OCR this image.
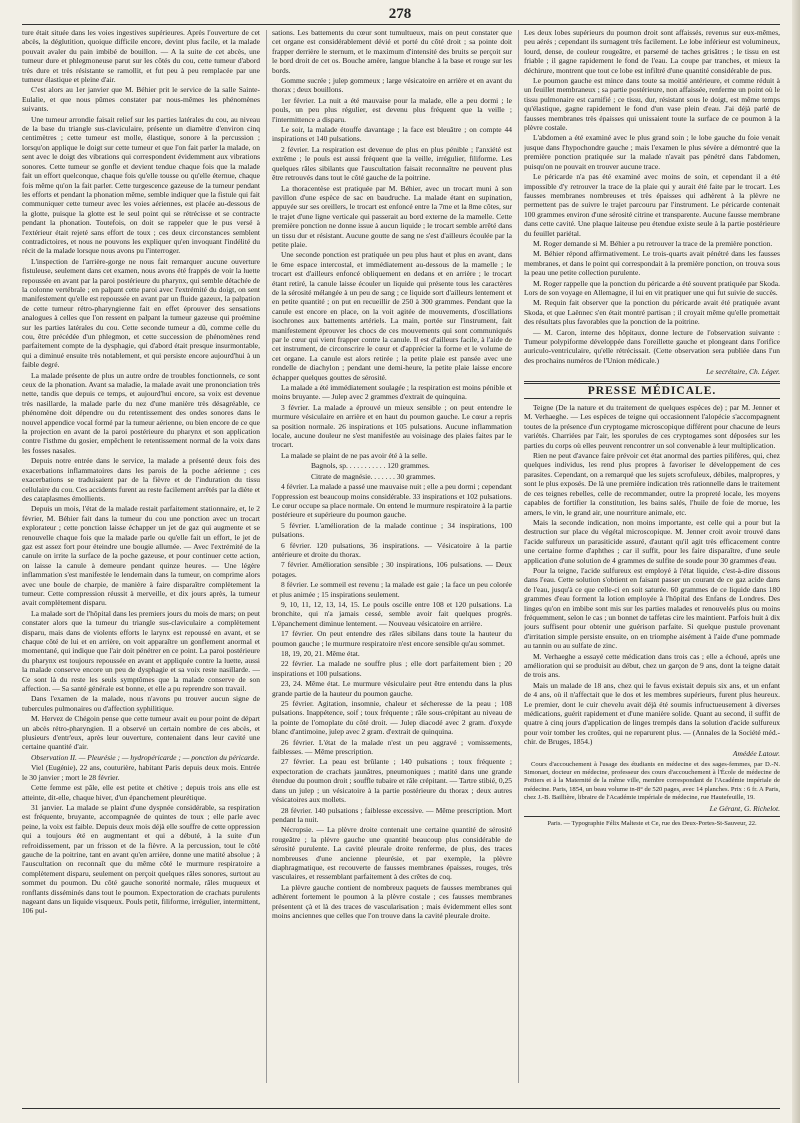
278

ture était située dans les voies ingestives supérieures. Après l'ouverture de cet abcès, la déglutition, quoique difficile encore, devint plus facile, et la malade pouvait avaler du pain imbibé de bouillon. — A la suite de cet abcès, une tumeur dure et phlegmoneuse parut sur les côtés du cou, cette tumeur d'abord très dure et très résistante se ramollit, et fut peu à peu remplacée par une tumeur élastique et pleine d'air.

C'est alors au 1er janvier que M. Béhier prit le service de la salle Sainte-Eulalie, et que nous pûmes constater par nous-mêmes les phénomènes suivants.

Une tumeur arrondie faisait relief sur les parties latérales du cou, au niveau de la base du triangle sus-claviculaire, présente un diamètre d'environ cinq centimètres ; cette tumeur est molle, élastique, sonore à la percussion ; lorsqu'on applique le doigt sur cette tumeur et que l'on fait parler la malade, on sent avec le doigt des vibrations qui correspondent évidemment aux vibrations sonores. Cette tumeur se gonfle et devient tendue chaque fois que la malade fait un effort quelconque, chaque fois qu'elle tousse ou qu'elle éternue, chaque fois même qu'on la fait parler. Cette turgescence gazeuse de la tumeur pendant les efforts et pendant la phonation même, semble indiquer que la fistule qui fait communiquer cette tumeur avec les voies aériennes, est placée au-dessous de la glotte, puisque la glotte est le seul point qui se rétrécisse et se contracte pendant la phonation. Toutefois, on doit se rappeler que le pus versé à l'extérieur était rejeté sans effort de toux ; ces deux circonstances semblent contradictoires, et nous ne pouvons les expliquer qu'en invoquant l'indélité du récit de la malade lorsque nous avons pu l'interroger.

L'inspection de l'arrière-gorge ne nous fait remarquer aucune ouverture fistuleuse, seulement dans cet examen, nous avons été frappés de voir la luette repoussée en avant par la paroi postérieure du pharynx, qui semble détachée de la colonne vertébrale ; en palpant cette paroi avec l'extrémité du doigt, on sent manifestement qu'elle est repoussée en avant par un fluide gazeux, la palpation de cette tumeur rétro-pharyngienne fait en effet éprouver des sensations analogues à celles que l'on ressent en palpant la tumeur gazeuse qui proémine sur les parties latérales du cou. Cette seconde tumeur a dû, comme celle du cou, être précédée d'un phlegmon, et cette succession de phénomènes rend parfaitement compte de la dysphagie, qui d'abord était presque insurmontable, qui a diminué ensuite très notablement, et qui persiste encore aujourd'hui à un faible degré.

La malade présente de plus un autre ordre de troubles fonctionnels, ce sont ceux de la phonation. Avant sa maladie, la malade avait une prononciation très nette, tandis que depuis ce temps, et aujourd'hui encore, sa voix est devenue très nasillarde, la malade parle du nez d'une manière très désagréable, ce phénomène doit dépendre ou du retentissement des ondes sonores dans le nouvel appendice vocal formé par la tumeur aérienne, ou bien encore de ce que la projection en avant de la paroi postérieure du pharynx et son application contre l'isthme du gosier, empêchent le retentissement normal de la voix dans les fosses nasales.

Depuis notre entrée dans le service, la malade a présenté deux fois des exacerbations inflammatoires dans les parois de la poche aérienne ; ces exacerbations se traduisaient par de la fièvre et de l'induration du tissu cellulaire du cou. Ces accidents furent au reste facilement arrêtés par la diète et des cataplasmes émollients.

Depuis un mois, l'état de la malade restait parfaitement stationnaire, et, le 2 février, M. Béhier fait dans la tumeur du cou une ponction avec un trocart explorateur ; cette ponction laisse échapper un jet de gaz qui augmente et se renouvelle chaque fois que la malade parle ou qu'elle fait un effort, le jet de gaz est assez fort pour éteindre une bougie allumée. — Avec l'extrémité de la canule on irrite la surface de la poche gazeuse, et pour continuer cette action, on laisse la canule à demeure pendant quinze heures. — Une légère inflammation s'est manifestée le lendemain dans la tumeur, on comprime alors avec une boule de charpie, de manière à faire disparaître complètement la tumeur. Cette compression réussit à merveille, et dix jours après, la tumeur avait complètement disparu.

La malade sort de l'hôpital dans les premiers jours du mois de mars; on peut constater alors que la tumeur du triangle sus-claviculaire a complètement disparu, mais dans de violents efforts le larynx est repoussé en avant, et se chaque côté de lui et en arrière, on voit apparaître un gonflement anormal et momentané, qui indique que l'air doit pénétrer en ce point. La paroi postérieure du pharynx est toujours repoussée en avant et appliquée contre la luette, aussi la malade conserve encore un peu de dysphagie et sa voix reste nasillarde. — Ce sont là du reste les seuls symptômes que la malade conserve de son affection. — Sa santé générale est bonne, et elle a pu reprendre son travail.

Dans l'examen de la malade, nous n'avons pu trouver aucun signe de tubercules pulmonaires ou d'affection syphilitique.

M. Hervez de Chégoin pense que cette tumeur avait eu pour point de départ un abcès rétro-pharyngien. Il a observé un certain nombre de ces abcès, et plusieurs d'entr'eux, après leur ouverture, contenaient dans leur cavité une certaine quantité d'air.

Observation II. — Pleurésie ; — hydropéricarde ; — ponction du péricarde.

Viel (Eugénie), 22 ans, couturière, habitant Paris depuis deux mois. Entrée le 30 janvier ; mort le 28 février.

Cette femme est pâle, elle est petite et chétive ; depuis trois ans elle est atteinte, dit-elle, chaque hiver, d'un épanchement pleurétique.

31 janvier. La malade se plaint d'une dyspnée considérable, sa respiration est fréquente, bruyante, accompagnée de quintes de toux ; elle parle avec peine, la voix est faible. Depuis deux mois déjà elle souffre de cette oppression qui a toujours été en augmentant et qui a débuté, à la suite d'un refroidissement, par un frisson et de la fièvre. A la percussion, tout le côté gauche de la poitrine, tant en avant qu'en arrière, donne une matité absolue ; à l'auscultation on reconnaît que du même côté le murmure respiratoire a complètement disparu, seulement on perçoit quelques râles sonores, surtout au sommet du poumon. Du côté gauche sonorité normale, râles muqueux et ronflants disséminés dans tout le poumon. Expectoration de crachats purulents nageant dans un liquide visqueux. Pouls petit, filiforme, irrégulier, intermittent, 106 pul-

sations. Les battements du cœur sont tumultueux, mais on peut constater que cet organe est considérablement dévié et porté du côté droit ; sa pointe doit frapper derrière le sternum, et le maximum d'intensité des bruits se perçoit sur le bord droit de cet os. Bouche amère, langue blanche à la base et rouge sur les bords.

Gomme sucrée ; julep gommeux ; large vésicatoire en arrière et en avant du thorax ; deux bouillons.

1er février. La nuit a été mauvaise pour la malade, elle a peu dormi ; le pouls, un peu plus régulier, est devenu plus fréquent que la veille ; l'intermittence a disparu.

Le soir, la malade étouffe davantage ; la face est bleuâtre ; on compte 44 inspirations et 140 pulsations.

2 février. La respiration est devenue de plus en plus pénible ; l'anxiété est extrême ; le pouls est aussi fréquent que la veille, irrégulier, filiforme. Les quelques râles sibilants que l'auscultation faisait reconnaître ne peuvent plus être retrouvés dans tout le côté gauche de la poitrine.

La thoracentèse est pratiquée par M. Béhier, avec un trocart muni à son pavillon d'une espèce de sac en baudruche. La malade étant en supination, appuyée sur ses oreillers, le trocart est enfoncé entre la 7me et la 8me côtes, sur le trajet d'une ligne verticale qui passerait au bord externe de la mamelle. Cette première ponction ne donne issue à aucun liquide ; le trocart semble arrêté dans un tissu dur et résistant. Aucune goutte de sang ne s'est d'ailleurs écoulée par la petite plaie.

Une seconde ponction est pratiquée un peu plus haut et plus en avant, dans le 6me espace intercostal, et immédiatement au-dessous de la mamelle ; le trocart est d'ailleurs enfoncé obliquement en dedans et en arrière ; le trocart étant retiré, la canule laisse écouler un liquide qui présente tous les caractères de la sérosité mélangée à un peu de sang ; ce liquide sort d'ailleurs lentement et en petite quantité ; on put en recueillir de 250 à 300 grammes. Pendant que la canule est encore en place, on la voit agitée de mouvements, d'oscillations isochrones aux battements artériels. La main, portée sur l'instrument, fait manifestement éprouver les chocs de ces mouvements qui sont communiqués par le cœur qui vient frapper contre la canule. Il est d'ailleurs facile, à l'aide de cet instrument, de circonscrire le cœur et d'apprécier la forme et le volume de cet organe. La canule est alors retirée ; la petite plaie est pansée avec une rondelle de diachylon ; pendant une demi-heure, la petite plaie laisse encore échapper quelques gouttes de sérosité.

La malade a été immédiatement soulagée ; la respiration est moins pénible et moins bruyante. — Julep avec 2 grammes d'extrait de quinquina.

3 février. La malade a éprouvé un mieux sensible ; on peut entendre le murmure vésiculaire en arrière et en haut du poumon gauche. Le cœur a repris sa position normale. 26 inspirations et 105 pulsations. Aucune inflammation locale, aucune douleur ne s'est manifestée au voisinage des plaies faites par le trocart.

La malade se plaint de ne pas avoir été à la selle.

Bagnols, sp. . . . . . . . . . . 120 grammes.

Citrate de magnésie. . . . . . . 30 grammes.

4 février. La malade a passé une mauvaise nuit ; elle a peu dormi ; cependant l'oppression est beaucoup moins considérable. 33 inspirations et 102 pulsations. Le cœur occupe sa place normale. On entend le murmure respiratoire à la partie postérieure et supérieure du poumon gauche.

5 février. L'amélioration de la malade continue ; 34 inspirations, 100 pulsations.

6 février. 120 pulsations, 36 inspirations. — Vésicatoire à la partie antérieure et droite du thorax.

7 février. Amélioration sensible ; 30 inspirations, 106 pulsations. — Deux potages.

8 février. Le sommeil est revenu ; la malade est gaie ; la face un peu colorée et plus animée ; 15 inspirations seulement.

9, 10, 11, 12, 13, 14, 15. Le pouls oscille entre 108 et 120 pulsations. La bronchite, qui n'a jamais cessé, semble avoir fait quelques progrès. L'épanchement diminue lentement. — Nouveau vésicatoire en arrière.

17 février. On peut entendre des râles sibilans dans toute la hauteur du poumon gauche ; le murmure respiratoire n'est encore sensible qu'au sommet.

18, 19, 20, 21. Même état.

22 février. La malade ne souffre plus ; elle dort parfaitement bien ; 20 inspirations et 100 pulsations.

23, 24. Même état. Le murmure vésiculaire peut être entendu dans la plus grande partie de la hauteur du poumon gauche.

25 février. Agitation, insomnie, chaleur et sécheresse de la peau ; 108 pulsations. Inappétence, soif ; toux fréquente ; râle sous-crépitant au niveau de la pointe de l'omoplate du côté droit. — Julep diacodé avec 2 gram. d'oxyde blanc d'antimoine, julep avec 2 gram. d'extrait de quinquina.

26 février. L'état de la malade n'est un peu aggravé ; vomissements, faiblesses. — Même prescription.

27 février. La peau est brûlante ; 140 pulsations ; toux fréquente ; expectoration de crachats jaunâtres, pneumoniques ; matité dans une grande étendue du poumon droit ; souffle tubaire et râle crépitant. — Tartre stibié, 0,25 dans un julep ; un vésicatoire à la partie postérieure du thorax ; deux autres vésicatoires aux mollets.

28 février. 140 pulsations ; faiblesse excessive. — Même prescription. Mort pendant la nuit.

Nécropsie. — La plèvre droite contenait une certaine quantité de sérosité rougeâtre ; la plèvre gauche une quantité beaucoup plus considérable de sérosité purulente. La cavité pleurale droite renferme, de plus, des traces nombreuses d'une ancienne pleurésie, et par exemple, la plèvre diaphragmatique, est recouverte de fausses membranes épaisses, rouges, très vasculaires, et ressemblant parfaitement à des crêtes de coq.

La plèvre gauche contient de nombreux paquets de fausses membranes qui adhèrent fortement le poumon à la plèvre costale ; ces fausses membranes présentent çà et là des traces de vascularisation ; mais évidemment elles sont moins anciennes que celles que l'on trouve dans la cavité pleurale droite.

Les deux lobes supérieurs du poumon droit sont affaissés, revenus sur eux-mêmes, peu aérés ; cependant ils surnagent très facilement. Le lobe inférieur est volumineux, lourd, dense, de couleur rougeâtre, et parsemé de taches grisâtres ; le tissu en est friable ; il gagne rapidement le fond de l'eau. La coupe par tranches, et mieux la déchirure, montrent que tout ce lobe est infiltré d'une quantité considérable de pus.

Le poumon gauche est mince dans toute sa moitié antérieure, et comme réduit à un feuillet membraneux ; sa partie postérieure, non affaissée, renferme un point où le tissu pulmonaire est carnifié ; ce tissu, dur, résistant sous le doigt, est même temps qu'élastique, gagne rapidement le fond d'un vase plein d'eau. J'ai déjà parlé de fausses membranes très épaisses qui unissaient toute la surface de ce poumon à la plèvre costale.

L'abdomen a été examiné avec le plus grand soin ; le lobe gauche du foie venait jusque dans l'hypochondre gauche ; mais l'examen le plus sévère a démontré que la première ponction pratiquée sur la malade n'avait pas pénétré dans l'abdomen, puisqu'on ne pouvait en trouver aucune trace.

Le péricarde n'a pas été examiné avec moins de soin, et cependant il a été impossible d'y retrouver la trace de la plaie qui y aurait été faite par le trocart. Les fausses membranes nombreuses et très épaisses qui adhèrent à la plèvre ne permettent pas de suivre le trajet parcouru par l'instrument. Le péricarde contenait 100 grammes environ d'une sérosité citrine et transparente. Aucune fausse membrane dans cette cavité. Une plaque laiteuse peu étendue existe seule à la partie postérieure du feuillet pariétal.

M. Roger demande si M. Béhier a pu retrouver la trace de la première ponction.

M. Béhier répond affirmativement. Le trois-quarts avait pénétré dans les fausses membranes, et dans le point qui correspondait à la première ponction, on trouva sous la peau une petite collection purulente.

M. Roger rappelle que la ponction du péricarde a été souvent pratiquée par Skoda. Lors de son voyage en Allemagne, il lui en vit pratiquer une qui fut suivie de succès.

M. Requin fait observer que la ponction du péricarde avait été pratiquée avant Skoda, et que Laënnec s'en était montré partisan ; il croyait même qu'elle promettait des résultats plus favorables que la ponction de la poitrine.

— M. Caron, interne des hôpitaux, donne lecture de l'observation suivante : Tumeur polypiforme développée dans l'oreillette gauche et plongeant dans l'orifice auriculo-ventriculaire, qu'elle rétrécissait. (Cette observation sera publiée dans l'un des prochains numéros de l'Union médicale.)

Le secrétaire, Ch. Léger.
PRESSE MÉDICALE.

Teigne (De la nature et du traitement de quelques espèces de) ; par M. Jenner et M. Verhaeghe. — Les espèces de teigne qui occasionnent l'alopécie s'accompagnent toutes de la présence d'un cryptogame microscopique différent pour chacune de leurs variétés. Charriées par l'air, les sporules de ces cryptogames sont déposées sur les parties du corps où elles peuvent rencontrer un sol convenable à leur multiplication.

Rien ne peut d'avance faire prévoir cet état anormal des parties pilifères, qui, chez quelques individus, les rend plus propres à favoriser le développement de ces parasites. Cependant, on a remarqué que les sujets scrofuleux, débiles, malpropres, y sont le plus exposés. De là une première indication très rationnelle dans le traitement de ces teignes rebelles, celle de recommander, outre la propreté locale, les moyens capables de fortifier la constitution, les bains salés, l'huile de foie de morue, les amers, le vin, le grand air, une nourriture animale, etc.

Mais la seconde indication, non moins importante, est celle qui a pour but la destruction sur place du végétal microscopique. M. Jenner croit avoir trouvé dans l'acide sulfureux un parasiticide assuré, d'autant qu'il agit très efficacement contre une certaine forme d'aphthes ; car il suffit, pour les faire disparaître, d'une seule application d'une solution de 4 grammes de sulfite de soude pour 30 grammes d'eau.

Pour la teigne, l'acide sulfureux est employé à l'état liquide, c'est-à-dire dissous dans l'eau. Cette solution s'obtient en faisant passer un courant de ce gaz acide dans de l'eau, jusqu'à ce que celle-ci en soit saturée. 60 grammes de ce liquide dans 180 grammes d'eau forment la lotion employée à l'hôpital des Enfans de Londres. Des linges qu'on en imbibe sont mis sur les parties malades et renouvelés plus ou moins fréquemment, selon le cas ; un bonnet de taffetas cire les maintient. Parfois huit à dix jours suffisent pour obtenir une guérison parfaite. Si quelque pustule provenant d'irritation simple persiste ensuite, on en triomphe aisément à l'aide d'une pommade au tannin ou au sulfate de zinc.

M. Verhaeghe a essayé cette médication dans trois cas ; elle a échoué, après une amélioration qui se produisit au début, chez un garçon de 9 ans, dont la teigne datait de trois ans.

Mais un malade de 18 ans, chez qui le favus existait depuis six ans, et un enfant de 4 ans, où il n'affectait que le dos et les membres supérieurs, furent plus heureux. Le premier, dont le cuir chevelu avait déjà été soumis infructueusement à diverses médications, guérit rapidement et d'une manière solide. Quant au second, il suffit de quatre à cinq jours d'application de linges trempés dans la solution d'acide sulfureux pour voir tomber les croûtes, qui ne reparurent plus. — (Annales de la Société méd.-chir. de Bruges, 1854.)

Amédée Latour.

Cours d'accouchement à l'usage des étudiants en médecine et des sages-femmes, par D.-N. Simonart, docteur en médecine, professeur des cours d'accouchement à l'École de médecine de Poitiers et à la Maternité de la même ville, membre correspondant de l'Académie impériale de médecine. Paris, 1854, un beau volume in-8° de 520 pages, avec 14 planches. Prix : 6 fr. A Paris, chez J.-B. Baillière, libraire de l'Académie impériale de médecine, rue Hautefeuille, 19.

Le Gérant, G. Richelot.
Paris. — Typographie Félix Malteste et Ce, rue des Deux-Portes-St-Sauveur, 22.
